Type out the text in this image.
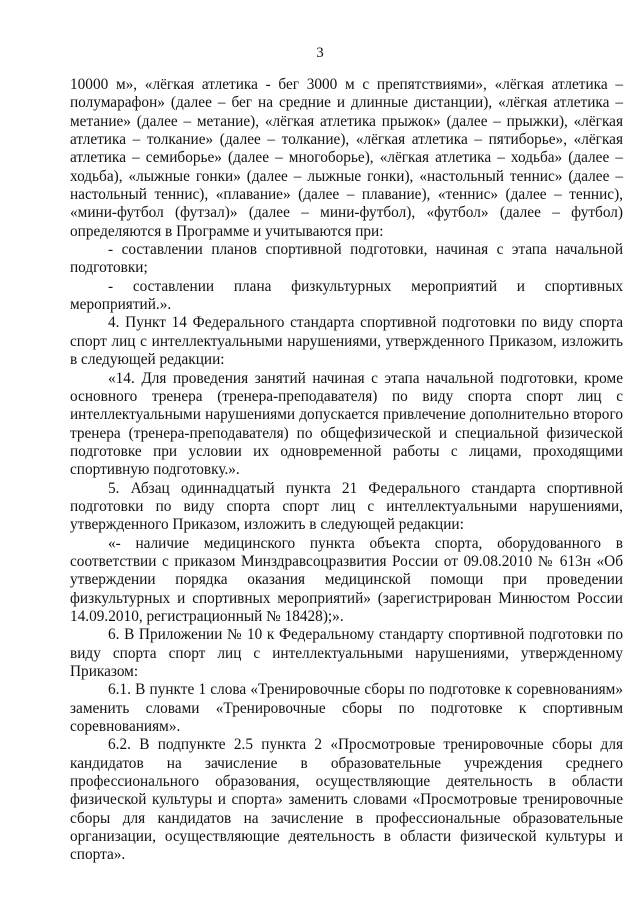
3

10000 м», «лёгкая атлетика - бег 3000 м с препятствиями», «лёгкая атлетика – полумарафон» (далее – бег на средние и длинные дистанции), «лёгкая атлетика – метание» (далее – метание), «лёгкая атлетика прыжок» (далее – прыжки), «лёгкая атлетика – толкание» (далее – толкание), «лёгкая атлетика – пятиборье», «лёгкая атлетика – семиборье» (далее – многоборье), «лёгкая атлетика – ходьба» (далее – ходьба), «лыжные гонки» (далее – лыжные гонки), «настольный теннис» (далее – настольный теннис), «плавание» (далее – плавание), «теннис» (далее – теннис), «мини-футбол (футзал)» (далее – мини-футбол), «футбол» (далее – футбол) определяются в Программе и учитываются при:

- составлении планов спортивной подготовки, начиная с этапа начальной подготовки;

- составлении плана физкультурных мероприятий и спортивных мероприятий.».

4. Пункт 14 Федерального стандарта спортивной подготовки по виду спорта спорт лиц с интеллектуальными нарушениями, утвержденного Приказом, изложить в следующей редакции:

«14. Для проведения занятий начиная с этапа начальной подготовки, кроме основного тренера (тренера-преподавателя) по виду спорта спорт лиц с интеллектуальными нарушениями допускается привлечение дополнительно второго тренера (тренера-преподавателя) по общефизической и специальной физической подготовке при условии их одновременной работы с лицами, проходящими спортивную подготовку.».

5. Абзац одиннадцатый пункта 21 Федерального стандарта спортивной подготовки по виду спорта спорт лиц с интеллектуальными нарушениями, утвержденного Приказом, изложить в следующей редакции:

«- наличие медицинского пункта объекта спорта, оборудованного в соответствии с приказом Минздравсоцразвития России от 09.08.2010 № 613н «Об утверждении порядка оказания медицинской помощи при проведении физкультурных и спортивных мероприятий» (зарегистрирован Минюстом России 14.09.2010, регистрационный № 18428);».

6. В Приложении № 10 к Федеральному стандарту спортивной подготовки по виду спорта спорт лиц с интеллектуальными нарушениями, утвержденному Приказом:

6.1. В пункте 1 слова «Тренировочные сборы по подготовке к соревнованиям» заменить словами «Тренировочные сборы по подготовке к спортивным соревнованиям».

6.2. В подпункте 2.5 пункта 2 «Просмотровые тренировочные сборы для кандидатов на зачисление в образовательные учреждения среднего профессионального образования, осуществляющие деятельность в области физической культуры и спорта» заменить словами «Просмотровые тренировочные сборы для кандидатов на зачисление в профессиональные образовательные организации, осуществляющие деятельность в области физической культуры и спорта».
